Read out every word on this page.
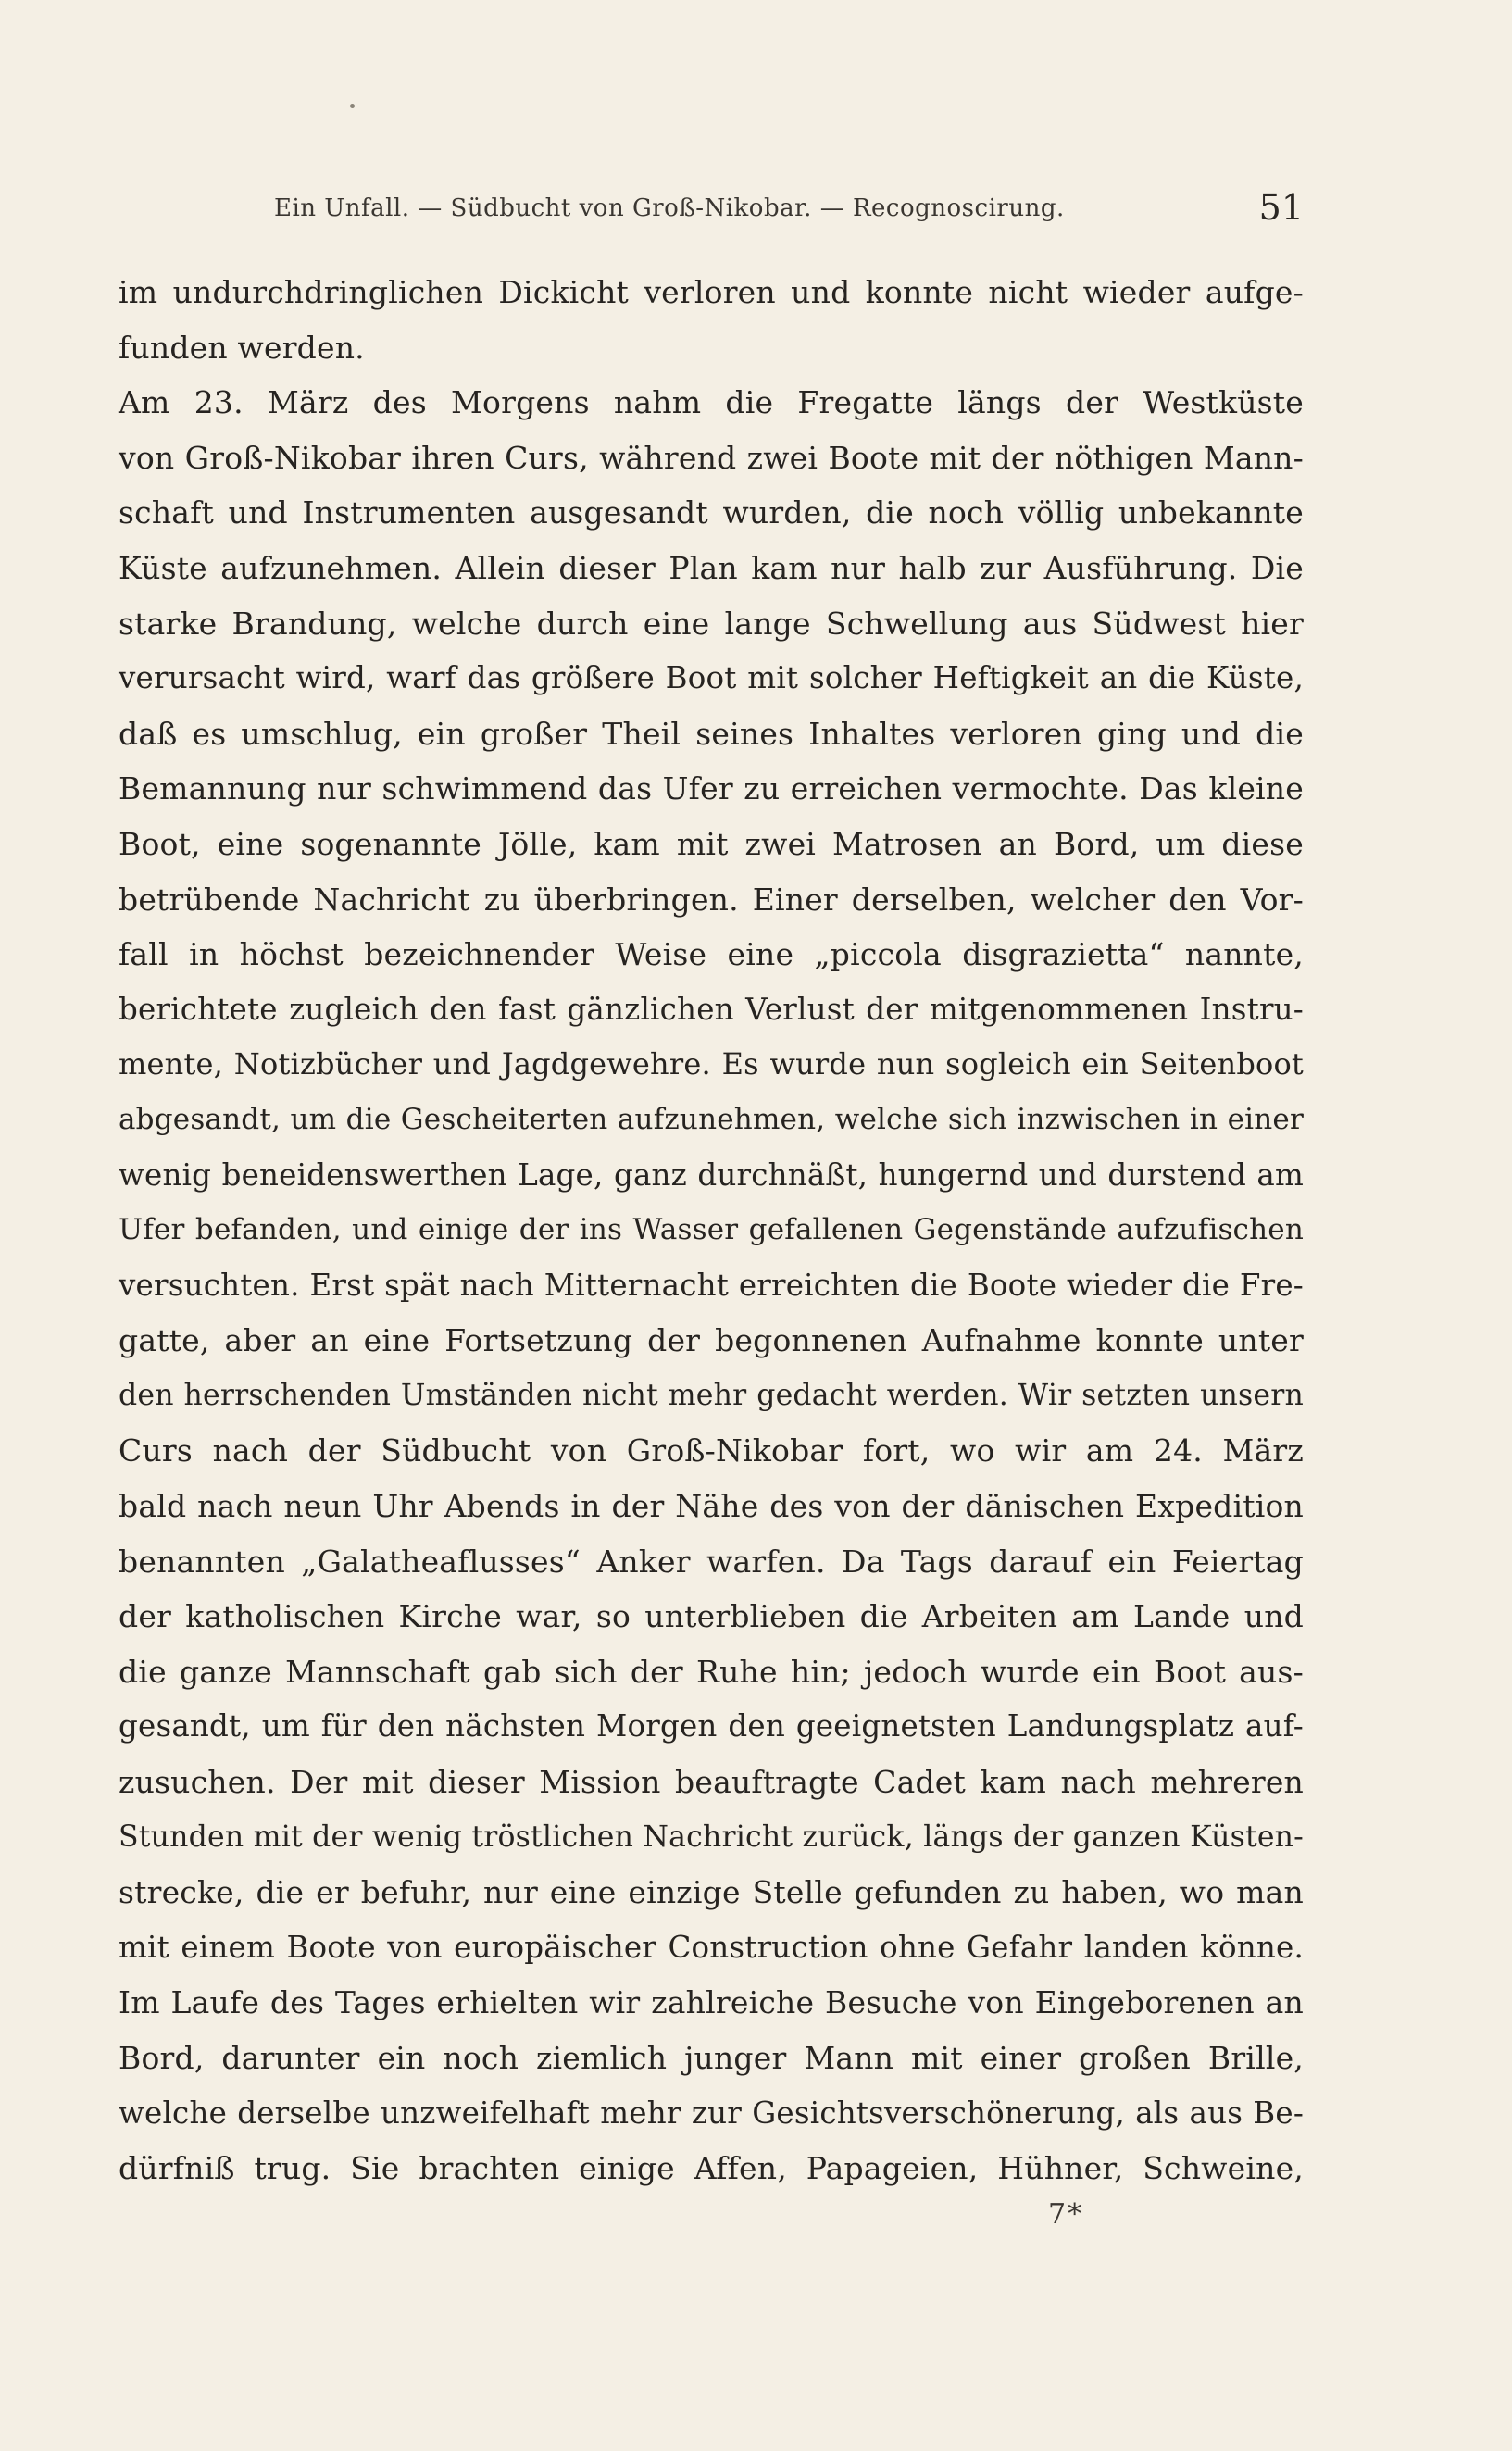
Ein Unfall. — Südbucht von Groß-Nikobar. — Recognoscirung.	51
im undurchdringlichen Dickicht verloren und konnte nicht wieder aufge-
funden werden.
Am 23. März des Morgens nahm die Fregatte längs der Westküste
von Groß-Nikobar ihren Curs, während zwei Boote mit der nöthigen Mann-
schaft und Instrumenten ausgesandt wurden, die noch völlig unbekannte
Küste aufzunehmen. Allein dieser Plan kam nur halb zur Ausführung. Die
starke Brandung, welche durch eine lange Schwellung aus Südwest hier
verursacht wird, warf das größere Boot mit solcher Heftigkeit an die Küste,
daß es umschlug, ein großer Theil seines Inhaltes verloren ging und die
Bemannung nur schwimmend das Ufer zu erreichen vermochte. Das kleine
Boot, eine sogenannte Jölle, kam mit zwei Matrosen an Bord, um diese
betrübende Nachricht zu überbringen. Einer derselben, welcher den Vor-
fall in höchst bezeichnender Weise eine „piccola disgrazietta“ nannte,
berichtete zugleich den fast gänzlichen Verlust der mitgenommenen Instru-
mente, Notizbücher und Jagdgewehre. Es wurde nun sogleich ein Seitenboot
abgesandt, um die Gescheiterten aufzunehmen, welche sich inzwischen in einer
wenig beneidenswerthen Lage, ganz durchnäßt, hungernd und durstend am
Ufer befanden, und einige der ins Wasser gefallenen Gegenstände aufzufischen
versuchten. Erst spät nach Mitternacht erreichten die Boote wieder die Fre-
gatte, aber an eine Fortsetzung der begonnenen Aufnahme konnte unter
den herrschenden Umständen nicht mehr gedacht werden. Wir setzten unsern
Curs nach der Südbucht von Groß-Nikobar fort, wo wir am 24. März
bald nach neun Uhr Abends in der Nähe des von der dänischen Expedition
benannten „Galatheaflusses“ Anker warfen. Da Tags darauf ein Feiertag
der katholischen Kirche war, so unterblieben die Arbeiten am Lande und
die ganze Mannschaft gab sich der Ruhe hin; jedoch wurde ein Boot aus-
gesandt, um für den nächsten Morgen den geeignetsten Landungsplatz auf-
zusuchen. Der mit dieser Mission beauftragte Cadet kam nach mehreren
Stunden mit der wenig tröstlichen Nachricht zurück, längs der ganzen Küsten-
strecke, die er befuhr, nur eine einzige Stelle gefunden zu haben, wo man
mit einem Boote von europäischer Construction ohne Gefahr landen könne.
Im Laufe des Tages erhielten wir zahlreiche Besuche von Eingeborenen an
Bord, darunter ein noch ziemlich junger Mann mit einer großen Brille,
welche derselbe unzweifelhaft mehr zur Gesichtsverschönerung, als aus Be-
dürfniß trug. Sie brachten einige Affen, Papageien, Hühner, Schweine,
7*
